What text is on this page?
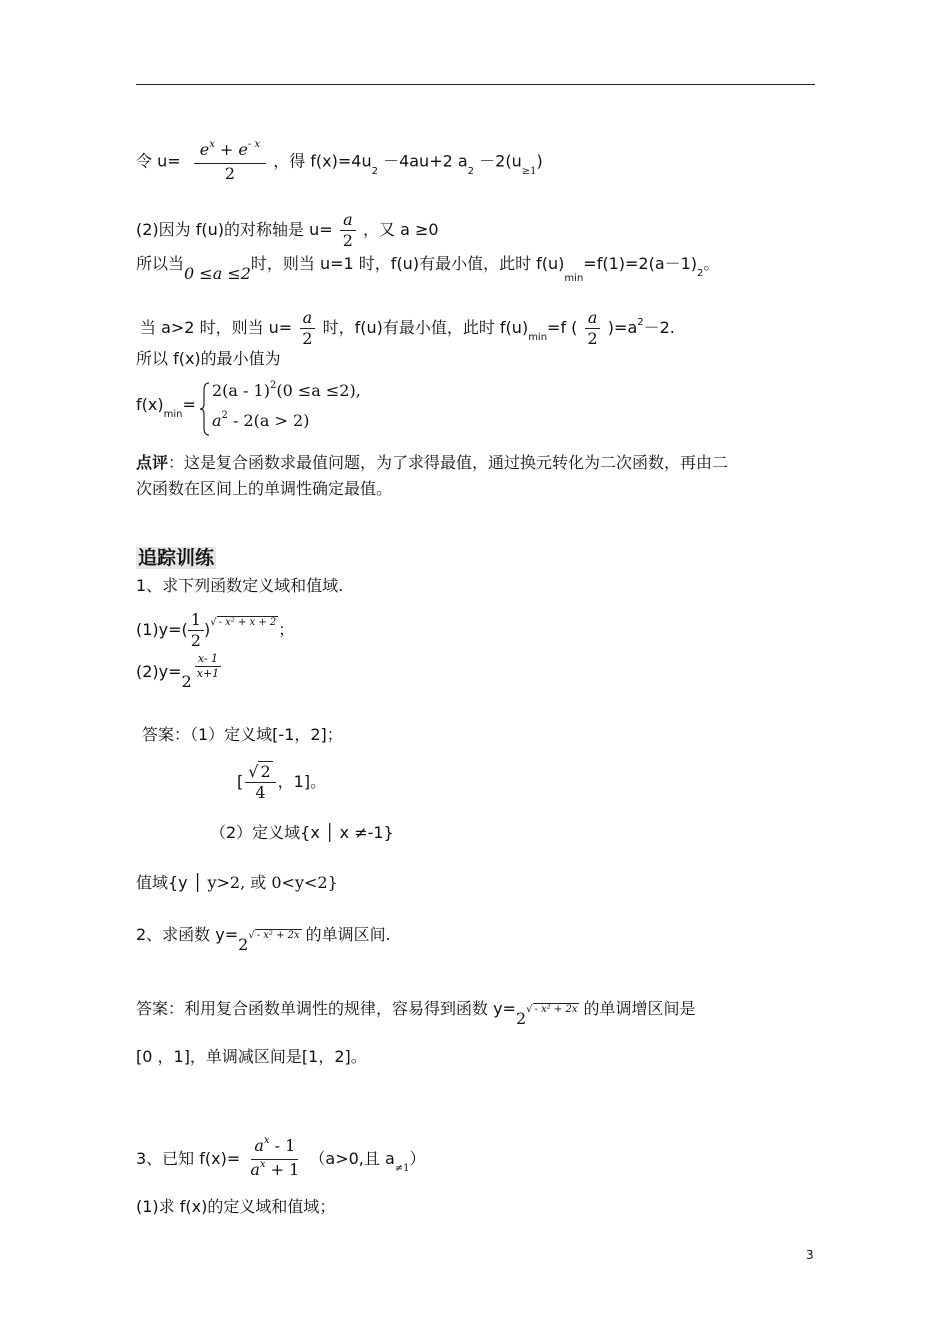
令 $u= \frac{e^x + e^{- x}}{2}$ ，得 $f(x)=4u_2 -4au+2$ $a_2 -2(u_{\ge 1})$
(2)因为 f(u)的对称轴是 $u= \frac{a}{2}$ ，又 a ≥0
所以当0 ≤a ≤2时，则当 u=1 时，f(u)有最小值，此时 $f(u)_{min}=f(1)=2(a-1)_2$。
当 a>2 时，则当 $u= \frac{a}{2}$ 时，f(u)有最小值，此时 $f(u)_{min}=f$ ( $\frac{a}{2} )=a^2-2$.
所以 f(x)的最小值为
$f(x)_{min}=$
2(a - 1)$^2$(0 ≤a ≤2),
$a^2 - 2(a > 2)$
点评：这是复合函数求最值问题，为了求得最值，通过换元转化为二次函数，再由二
次函数在区间上的单调性确定最值。
追踪训练
1、求下列函数定义域和值域.
$(1)y=( \frac{1}{2} )^{√ - x^2 + x + 2}$ ；
(2)y=2
$\frac{x- 1}{x+1}$
答案：（1）定义域[-1，2]；
[ $\frac{√ 2}{4}$ ，1]。
（2）定义域{x │ x ≠-1}
值域{y │ y>2, 或 0<y<2}
2、求函数 y=2√ - x² + 2x 的单调区间.
答案：利用复合函数单调性的规律，容易得到函数 y=2√ - x² + 2x 的单调增区间是
[0 ，1]，单调减区间是[1，2]。
3、已知 $f(x)= \frac{a^x - 1}{a^x + 1} (a>0$,且 $a_{\ne 1}$）
(1)求 f(x)的定义域和值域；
3
